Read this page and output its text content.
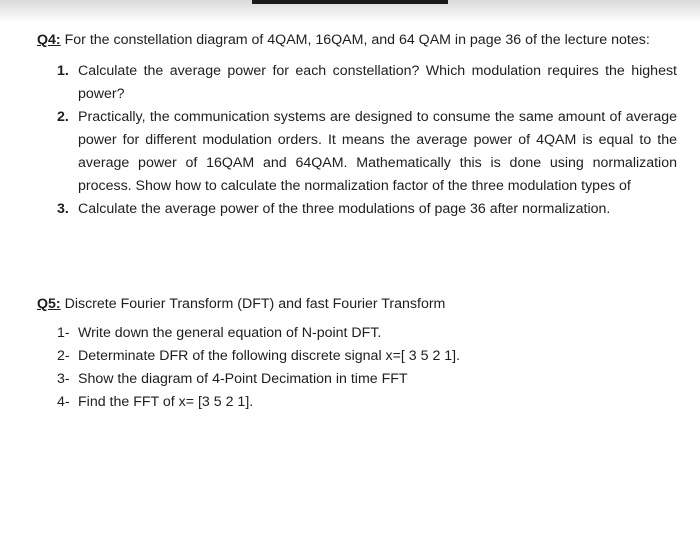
Q4: For the constellation diagram of 4QAM, 16QAM, and 64 QAM in page 36 of the lecture notes:
1. Calculate the average power for each constellation? Which modulation requires the highest power?
2. Practically, the communication systems are designed to consume the same amount of average power for different modulation orders. It means the average power of 4QAM is equal to the average power of 16QAM and 64QAM. Mathematically this is done using normalization process. Show how to calculate the normalization factor of the three modulation types of
3. Calculate the average power of the three modulations of page 36 after normalization.
Q5: Discrete Fourier Transform (DFT) and fast Fourier Transform
1- Write down the general equation of N-point DFT.
2- Determinate DFR of the following discrete signal x=[ 3 5 2 1].
3- Show the diagram of 4-Point Decimation in time FFT
4- Find the FFT of x= [3 5 2 1].
